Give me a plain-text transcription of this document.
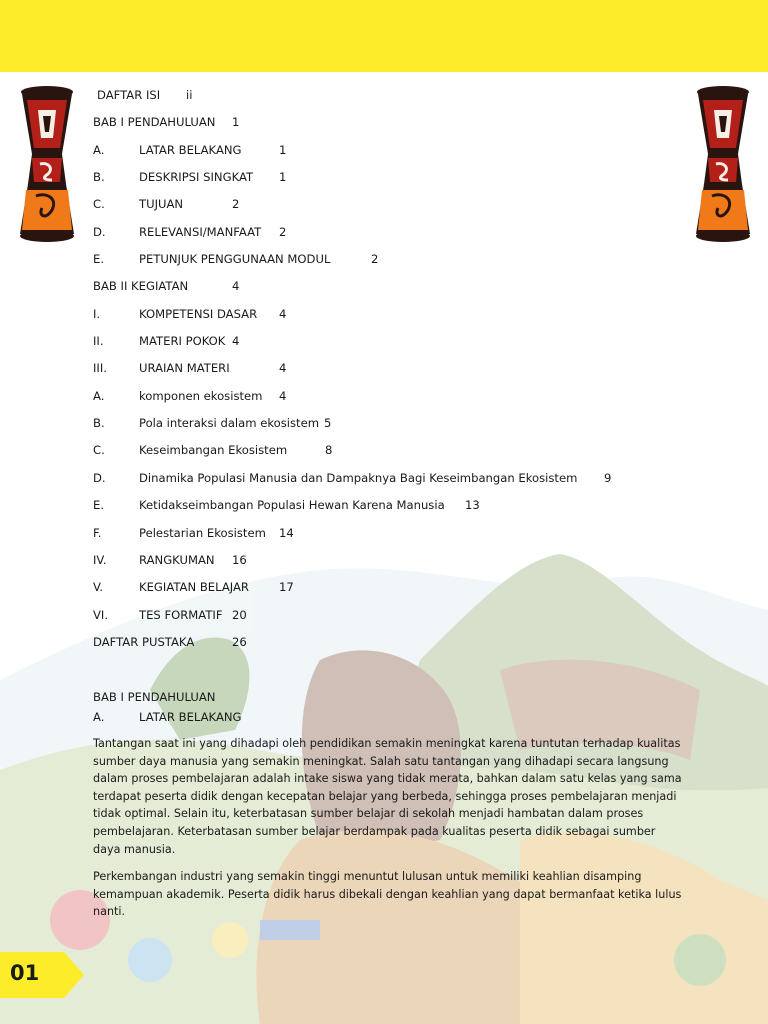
DAFTAR ISI ii
BAB I PENDAHULUAN 1
A.	LATAR BELAKANG	1
B.	DESKRIPSI SINGKAT 1
C.	TUJUAN	2
D.	RELEVANSI/MANFAAT 2
E.	PETUNJUK PENGGUNAAN MODUL	2
BAB II KEGIATAN	4
I.	KOMPETENSI DASAR 4
II.	MATERI POKOK 4
III.	URAIAN MATERI	4
A.	komponen ekosistem 4
B.	Pola interaksi dalam ekosistem 5
C.	Keseimbangan Ekosistem	8
D.	Dinamika Populasi Manusia dan Dampaknya Bagi Keseimbangan Ekosistem 9
E.	Ketidakseimbangan Populasi Hewan Karena Manusia 13
F.	Pelestarian Ekosistem 14
IV.	RANGKUMAN 16
V.	KEGIATAN BELAJAR	17
VI.	TES FORMATIF 20
DAFTAR PUSTAKA	26
BAB I PENDAHULUAN
A.	LATAR BELAKANG

Tantangan saat ini yang dihadapi oleh pendidikan semakin meningkat karena tuntutan terhadap kualitas sumber daya manusia yang semakin meningkat. Salah satu tantangan yang dihadapi secara langsung dalam proses pembelajaran adalah intake siswa yang tidak merata, bahkan dalam satu kelas yang sama terdapat peserta didik dengan kecepatan belajar yang berbeda, sehingga proses pembelajaran menjadi tidak optimal. Selain itu, keterbatasan sumber belajar di sekolah menjadi hambatan dalam proses pembelajaran. Keterbatasan sumber belajar berdampak pada kualitas peserta didik sebagai sumber daya manusia.

Perkembangan industri yang semakin tinggi menuntut lulusan untuk memiliki keahlian disamping kemampuan akademik. Peserta didik harus dibekali dengan keahlian yang dapat bermanfaat ketika lulus nanti.

01
